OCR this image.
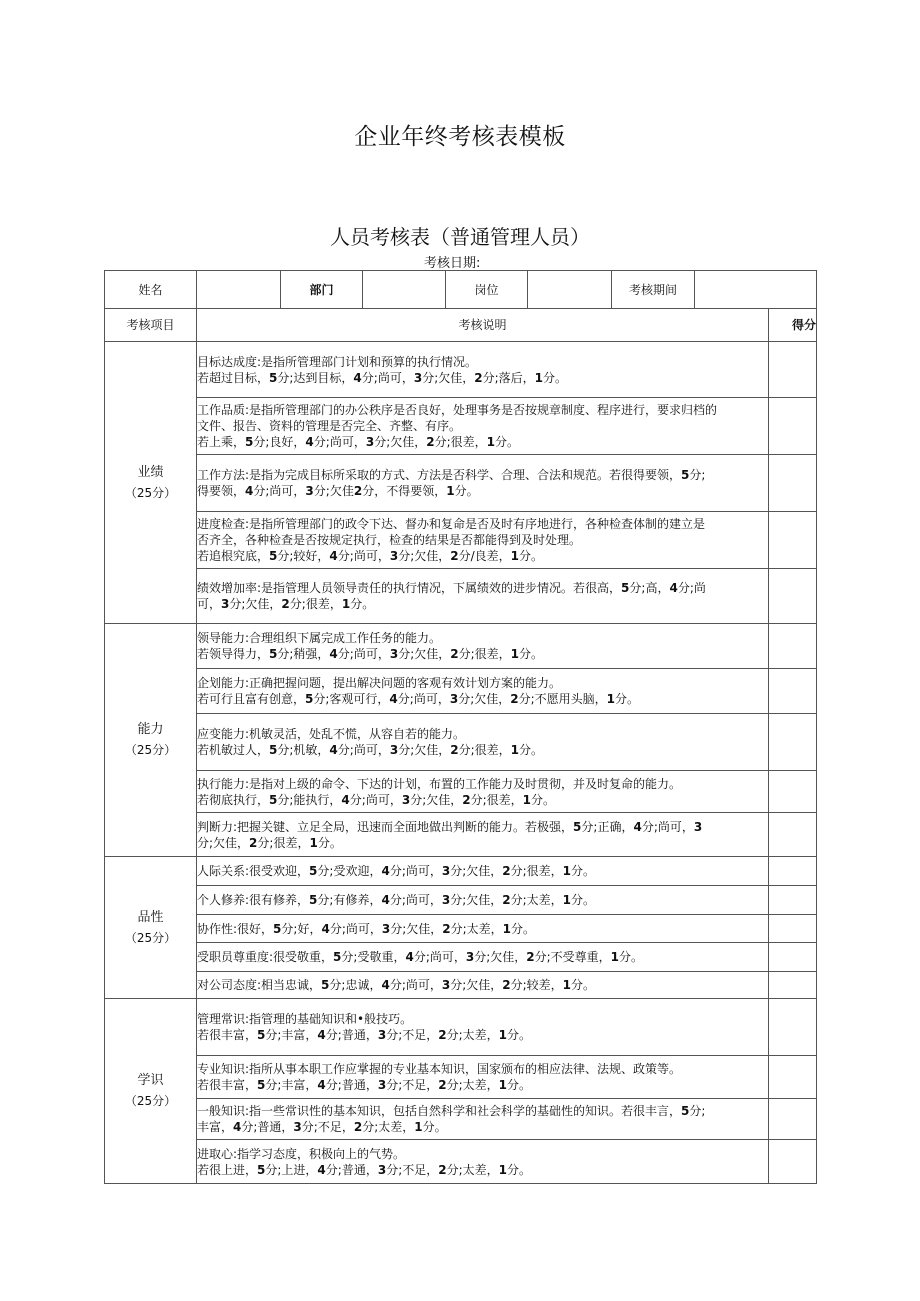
企业年终考核表模板
人员考核表（普通管理人员）
考核日期:
姓名		部门		岗位		考核期间		
考核项目	考核说明							得分

业绩
（25分）	目标达成度:是指所管理部门计划和预算的执行情况。
若超过目标，5分;达到目标，4分;尚可，3分;欠佳，2分;落后，1分。							

	工作品质:是指所管理部门的办公秩序是否良好，处理事务是否按规章制度、程序进行，要求归档的
文件、报告、资料的管理是否完全、齐整、有序。
若上乘，5分;良好，4分;尚可，3分;欠佳，2分;很差，1分。							

	工作方法:是指为完成目标所采取的方式、方法是否科学、合理、合法和规范。若很得要领，5分;
得要领，4分;尚可，3分;欠佳2分，不得要领，1分。							

	进度检查:是指所管理部门的政令下达、督办和复命是否及时有序地进行，各种检查体制的建立是
否齐全，各种检查是否按规定执行，检查的结果是否都能得到及时处理。
若追根究底，5分;较好，4分;尚可，3分;欠佳，2分/良差，1分。							

	绩效增加率:是指管理人员领导责任的执行情况，下属绩效的进步情况。若很高，5分;高，4分;尚
可，3分;欠佳，2分;很差，1分。							

能力
（25分）	领导能力:合理组织下属完成工作任务的能力。
若领导得力，5分;稍强，4分;尚可，3分;欠佳，2分;很差，1分。							

	企划能力:正确把握问题，提出解决问题的客观有效计划方案的能力。
若可行且富有创意，5分;客观可行，4分;尚可，3分;欠佳，2分;不愿用头脑，1分。							

	应变能力:机敏灵活，处乱不慌，从容自若的能力。
若机敏过人，5分;机敏，4分;尚可，3分;欠佳，2分;很差，1分。							

	执行能力:是指对上级的命令、下达的计划，布置的工作能力及时贯彻，并及时复命的能力。
若彻底执行，5分;能执行，4分;尚可，3分;欠佳，2分;很差，1分。							

	判断力:把握关键、立足全局，迅速而全面地做出判断的能力。若极强，5分;正确，4分;尚可，3
分;欠佳，2分;很差，1分。							

品性
（25分）	人际关系:很受欢迎，5分;受欢迎，4分;尚可，3分;欠佳，2分;很差，1分。							

	个人修养:很有修养，5分;有修养，4分;尚可，3分;欠佳，2分;太差，1分。							

	协作性:很好，5分;好，4分;尚可，3分;欠佳，2分;太差，1分。							

	受职员尊重度:很受敬重，5分;受敬重，4分;尚可，3分;欠佳，2分;不受尊重，1分。							

	对公司态度:相当忠诚，5分;忠诚，4分;尚可，3分;欠佳，2分;较差，1分。							

学识
（25分）	管理常识:指管理的基础知识和•般技巧。
若很丰富，5分;丰富，4分;普通，3分;不足，2分;太差，1分。							

	专业知识:指所从事本职工作应掌握的专业基本知识，国家颁布的相应法律、法规、政策等。
若很丰富，5分;丰富，4分;普通，3分;不足，2分;太差，1分。							

	一般知识:指一些常识性的基本知识，包括自然科学和社会科学的基础性的知识。若很丰言，5分;
丰富，4分;普通，3分;不足，2分;太差，1分。							

	进取心:指学习态度，积极向上的气势。
若很上进，5分;上进，4分;普通，3分;不足，2分;太差，1分。							
